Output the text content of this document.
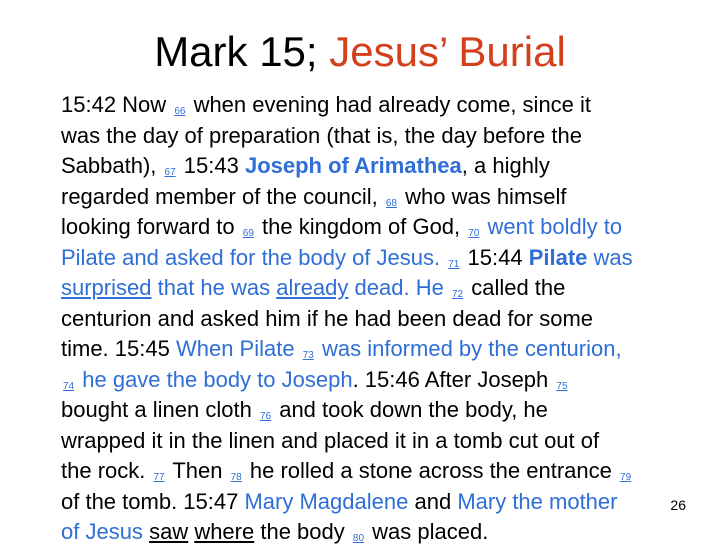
Mark 15; Jesus’ Burial
15:42 Now 66 when evening had already come, since it
was the day of preparation (that is, the day before the
Sabbath), 67 15:43 Joseph of Arimathea, a highly
regarded member of the council, 68 who was himself
looking forward to 69 the kingdom of God, 70 went boldly to
Pilate and asked for the body of Jesus. 71 15:44 Pilate was
surprised that he was already dead. He 72 called the
centurion and asked him if he had been dead for some
time. 15:45 When Pilate 73 was informed by the centurion,
74 he gave the body to Joseph. 15:46 After Joseph 75
bought a linen cloth 76 and took down the body, he
wrapped it in the linen and placed it in a tomb cut out of
the rock. 77 Then 78 he rolled a stone across the entrance 79
of the tomb. 15:47 Mary Magdalene and Mary the mother
of Jesus saw where the body 80 was placed.
26
